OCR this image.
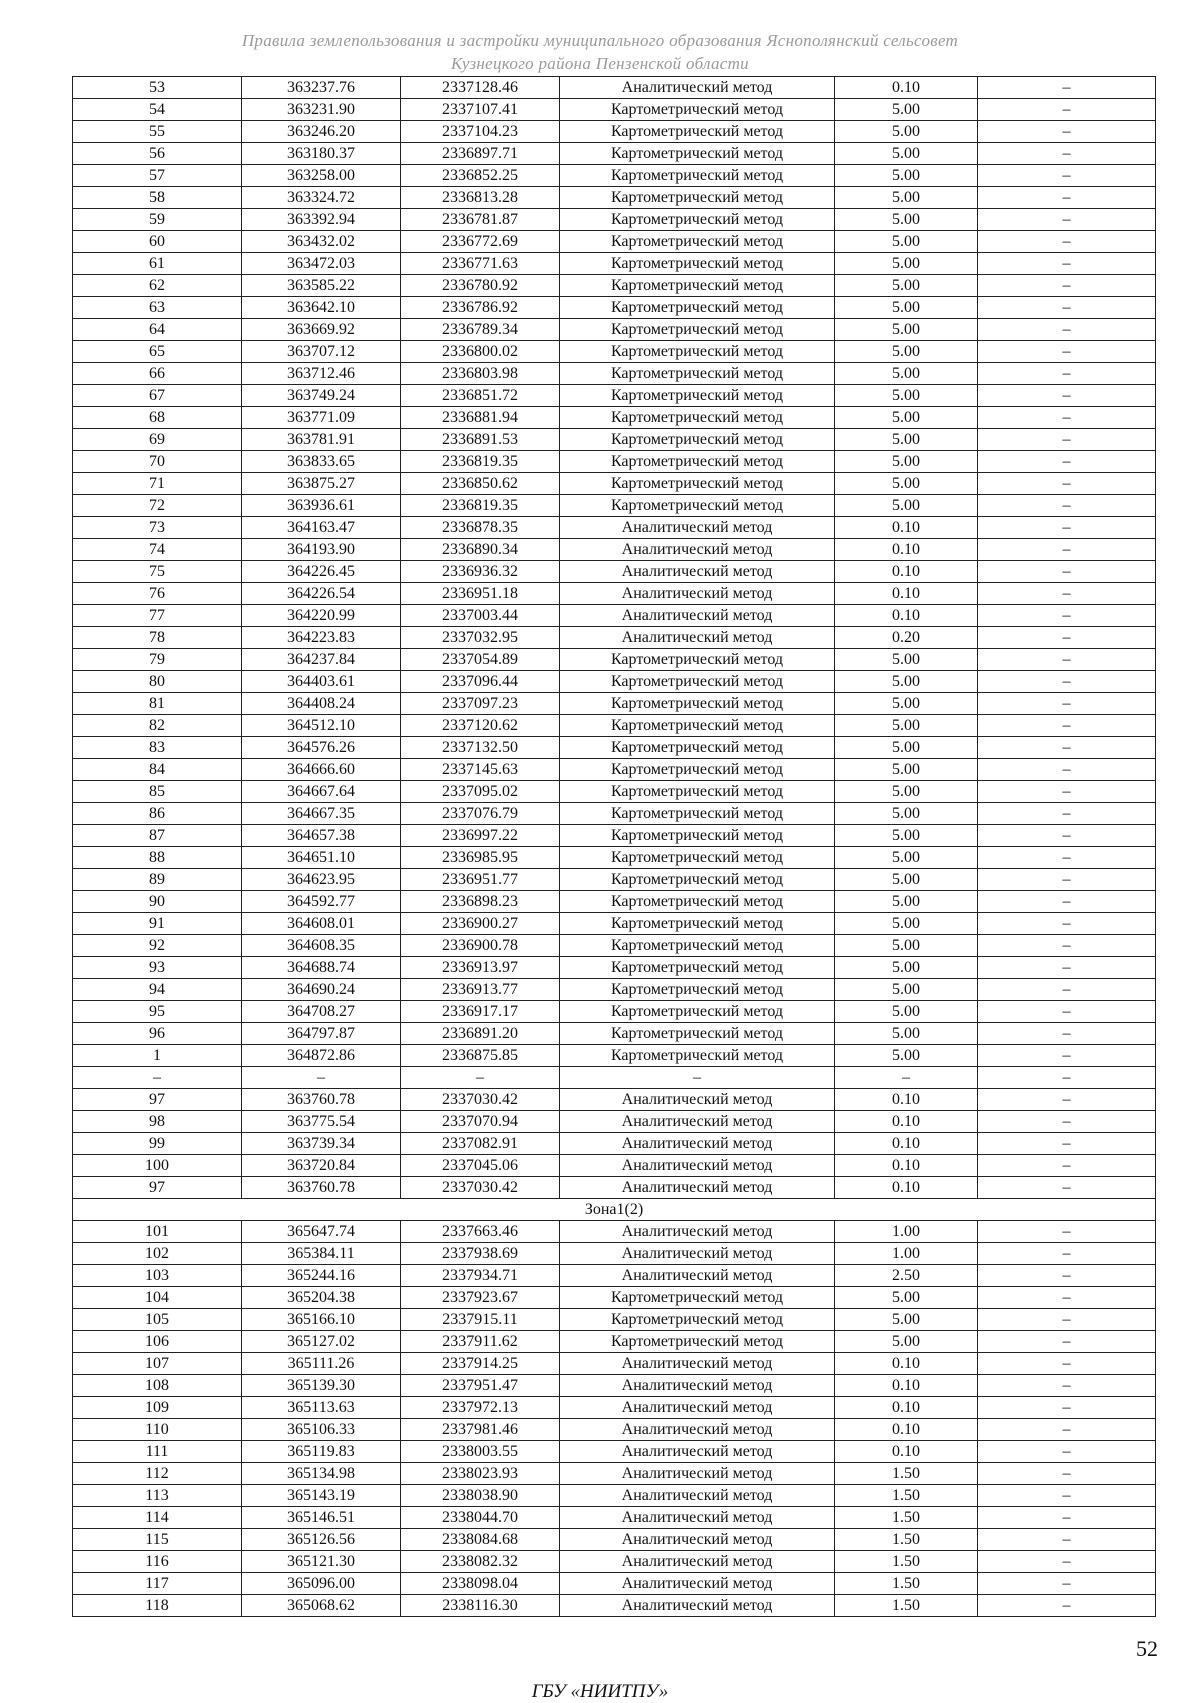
Правила землепользования и застройки муниципального образования Яснополянский сельсовет
Кузнецкого района Пензенской области
53	363237.76	2337128.46	Аналитический метод	0.10	–
54	363231.90	2337107.41	Картометрический метод	5.00	–
55	363246.20	2337104.23	Картометрический метод	5.00	–
56	363180.37	2336897.71	Картометрический метод	5.00	–
57	363258.00	2336852.25	Картометрический метод	5.00	–
58	363324.72	2336813.28	Картометрический метод	5.00	–
59	363392.94	2336781.87	Картометрический метод	5.00	–
60	363432.02	2336772.69	Картометрический метод	5.00	–
61	363472.03	2336771.63	Картометрический метод	5.00	–
62	363585.22	2336780.92	Картометрический метод	5.00	–
63	363642.10	2336786.92	Картометрический метод	5.00	–
64	363669.92	2336789.34	Картометрический метод	5.00	–
65	363707.12	2336800.02	Картометрический метод	5.00	–
66	363712.46	2336803.98	Картометрический метод	5.00	–
67	363749.24	2336851.72	Картометрический метод	5.00	–
68	363771.09	2336881.94	Картометрический метод	5.00	–
69	363781.91	2336891.53	Картометрический метод	5.00	–
70	363833.65	2336819.35	Картометрический метод	5.00	–
71	363875.27	2336850.62	Картометрический метод	5.00	–
72	363936.61	2336819.35	Картометрический метод	5.00	–
73	364163.47	2336878.35	Аналитический метод	0.10	–
74	364193.90	2336890.34	Аналитический метод	0.10	–
75	364226.45	2336936.32	Аналитический метод	0.10	–
76	364226.54	2336951.18	Аналитический метод	0.10	–
77	364220.99	2337003.44	Аналитический метод	0.10	–
78	364223.83	2337032.95	Аналитический метод	0.20	–
79	364237.84	2337054.89	Картометрический метод	5.00	–
80	364403.61	2337096.44	Картометрический метод	5.00	–
81	364408.24	2337097.23	Картометрический метод	5.00	–
82	364512.10	2337120.62	Картометрический метод	5.00	–
83	364576.26	2337132.50	Картометрический метод	5.00	–
84	364666.60	2337145.63	Картометрический метод	5.00	–
85	364667.64	2337095.02	Картометрический метод	5.00	–
86	364667.35	2337076.79	Картометрический метод	5.00	–
87	364657.38	2336997.22	Картометрический метод	5.00	–
88	364651.10	2336985.95	Картометрический метод	5.00	–
89	364623.95	2336951.77	Картометрический метод	5.00	–
90	364592.77	2336898.23	Картометрический метод	5.00	–
91	364608.01	2336900.27	Картометрический метод	5.00	–
92	364608.35	2336900.78	Картометрический метод	5.00	–
93	364688.74	2336913.97	Картометрический метод	5.00	–
94	364690.24	2336913.77	Картометрический метод	5.00	–
95	364708.27	2336917.17	Картометрический метод	5.00	–
96	364797.87	2336891.20	Картометрический метод	5.00	–
1	364872.86	2336875.85	Картометрический метод	5.00	–
–	–	–	–	–	–
97	363760.78	2337030.42	Аналитический метод	0.10	–
98	363775.54	2337070.94	Аналитический метод	0.10	–
99	363739.34	2337082.91	Аналитический метод	0.10	–
100	363720.84	2337045.06	Аналитический метод	0.10	–
97	363760.78	2337030.42	Аналитический метод	0.10	–
Зона1(2)					
101	365647.74	2337663.46	Аналитический метод	1.00	–
102	365384.11	2337938.69	Аналитический метод	1.00	–
103	365244.16	2337934.71	Аналитический метод	2.50	–
104	365204.38	2337923.67	Картометрический метод	5.00	–
105	365166.10	2337915.11	Картометрический метод	5.00	–
106	365127.02	2337911.62	Картометрический метод	5.00	–
107	365111.26	2337914.25	Аналитический метод	0.10	–
108	365139.30	2337951.47	Аналитический метод	0.10	–
109	365113.63	2337972.13	Аналитический метод	0.10	–
110	365106.33	2337981.46	Аналитический метод	0.10	–
111	365119.83	2338003.55	Аналитический метод	0.10	–
112	365134.98	2338023.93	Аналитический метод	1.50	–
113	365143.19	2338038.90	Аналитический метод	1.50	–
114	365146.51	2338044.70	Аналитический метод	1.50	–
115	365126.56	2338084.68	Аналитический метод	1.50	–
116	365121.30	2338082.32	Аналитический метод	1.50	–
117	365096.00	2338098.04	Аналитический метод	1.50	–
118	365068.62	2338116.30	Аналитический метод	1.50	–
52
ГБУ «НИИТПУ»
